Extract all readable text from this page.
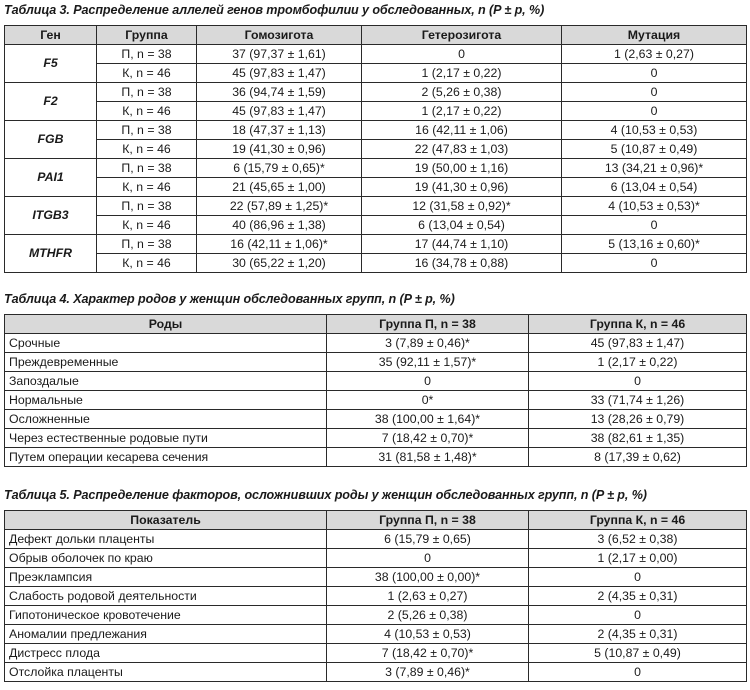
Таблица 3. Распределение аллелей генов тромбофилии у обследованных, n (P ± p, %)
Ген	Группа	Гомозигота	Гетерозигота	Мутация
F5	П, n = 38	37 (97,37 ± 1,61)	0	1 (2,63 ± 0,27)
	К, n = 46	45 (97,83 ± 1,47)	1 (2,17 ± 0,22)	0
F2	П, n = 38	36 (94,74 ± 1,59)	2 (5,26 ± 0,38)	0
	К, n = 46	45 (97,83 ± 1,47)	1 (2,17 ± 0,22)	0
FGB	П, n = 38	18 (47,37 ± 1,13)	16 (42,11 ± 1,06)	4 (10,53 ± 0,53)
	К, n = 46	19 (41,30 ± 0,96)	22 (47,83 ± 1,03)	5 (10,87 ± 0,49)
PAI1	П, n = 38	6 (15,79 ± 0,65)*	19 (50,00 ± 1,16)	13 (34,21 ± 0,96)*
	К, n = 46	21 (45,65 ± 1,00)	19 (41,30 ± 0,96)	6 (13,04 ± 0,54)
ITGB3	П, n = 38	22 (57,89 ± 1,25)*	12 (31,58 ± 0,92)*	4 (10,53 ± 0,53)*
	К, n = 46	40 (86,96 ± 1,38)	6 (13,04 ± 0,54)	0
MTHFR	П, n = 38	16 (42,11 ± 1,06)*	17 (44,74 ± 1,10)	5 (13,16 ± 0,60)*
	К, n = 46	30 (65,22 ± 1,20)	16 (34,78 ± 0,88)	0
Таблица 4. Характер родов у женщин обследованных групп, n (P ± p, %)
Роды	Группа П, n = 38	Группа К, n = 46
Срочные	3 (7,89 ± 0,46)*	45 (97,83 ± 1,47)
Преждевременные	35 (92,11 ± 1,57)*	1 (2,17 ± 0,22)
Запоздалые	0	0
Нормальные	0*	33 (71,74 ± 1,26)
Осложненные	38 (100,00 ± 1,64)*	13 (28,26 ± 0,79)
Через естественные родовые пути	7 (18,42 ± 0,70)*	38 (82,61 ± 1,35)
Путем операции кесарева сечения	31 (81,58 ± 1,48)*	8 (17,39 ± 0,62)
Таблица 5. Распределение факторов, осложнивших роды у женщин обследованных групп, n (P ± p, %)
Показатель	Группа П, n = 38	Группа К, n = 46
Дефект дольки плаценты	6 (15,79 ± 0,65)	3 (6,52 ± 0,38)
Обрыв оболочек по краю	0	1 (2,17 ± 0,00)
Преэклампсия	38 (100,00 ± 0,00)*	0
Слабость родовой деятельности	1 (2,63 ± 0,27)	2 (4,35 ± 0,31)
Гипотоническое кровотечение	2 (5,26 ± 0,38)	0
Аномалии предлежания	4 (10,53 ± 0,53)	2 (4,35 ± 0,31)
Дистресс плода	7 (18,42 ± 0,70)*	5 (10,87 ± 0,49)
Отслойка плаценты	3 (7,89 ± 0,46)*	0
